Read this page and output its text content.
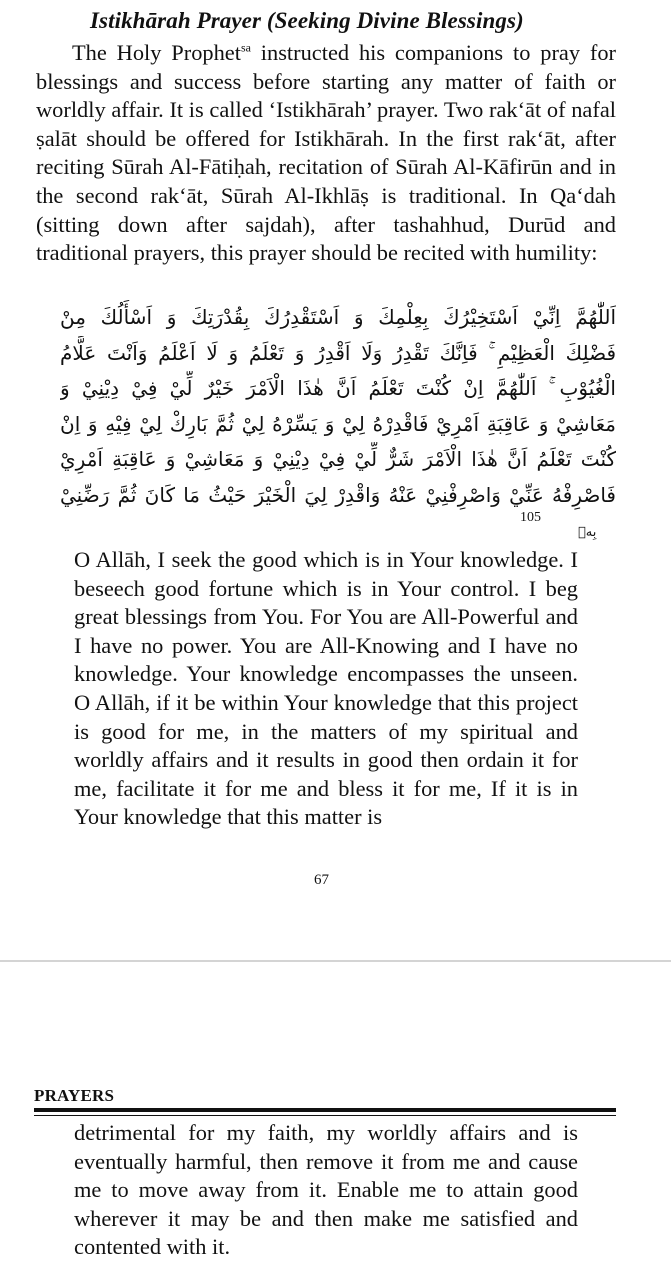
Istikhārah Prayer (Seeking Divine Blessings)

The Holy Prophet$^{sa}$ instructed his companions to pray for blessings and success before starting any matter of faith or worldly affair. It is called ‘Istikhārah’ prayer. Two rak‘āt of nafal ṣalāt should be offered for Istikhārah. In the first rak‘āt, after reciting Sūrah Al-Fātiḥah, recitation of Sūrah Al-Kāfirūn and in the second rak‘āt, Sūrah Al-Ikhlāṣ is traditional. In Qa‘dah (sitting down after sajdah), after tashahhud, Durūd and traditional prayers, this prayer should be recited with humility:

اَللّٰهُمَّ اِنِّيْ اَسْتَخِيْرُكَ بِعِلْمِكَ وَ اَسْتَقْدِرُكَ بِقُدْرَتِكَ وَ اَسْأَلُكَ مِنْ
فَضْلِكَ الْعَظِيْمِ ۚ فَاِنَّكَ تَقْدِرُ وَلَا اَقْدِرُ وَ تَعْلَمُ وَ لَا اَعْلَمُ وَاَنْتَ عَلَّامُ
الْغُيُوْبِ ۚ اَللّٰهُمَّ اِنْ كُنْتَ تَعْلَمُ اَنَّ هٰذَا الْاَمْرَ خَيْرٌ لِّيْ فِيْ دِيْنِيْ وَ
مَعَاشِيْ وَ عَاقِبَةِ اَمْرِيْ فَاقْدِرْهُ لِيْ وَ يَسِّرْهُ لِيْ ثُمَّ بَارِكْ لِيْ فِيْهِ وَ اِنْ
كُنْتَ تَعْلَمُ اَنَّ هٰذَا الْاَمْرَ شَرٌّ لِّيْ فِيْ دِيْنِيْ وَ مَعَاشِيْ وَ عَاقِبَةِ اَمْرِيْ
فَاصْرِفْهُ عَنِّيْ وَاصْرِفْنِيْ عَنْهُ وَاقْدِرْ لِيَ الْخَيْرَ حَيْثُ مَا كَانَ ثُمَّ رَضِّنِيْ
105
بِهٖ

O Allāh, I seek the good which is in Your knowledge. I beseech good fortune which is in Your control. I beg great blessings from You. For You are All-Powerful and I have no power. You are All-Knowing and I have no knowledge. Your knowledge encompasses the unseen. O Allāh, if it be within Your knowledge that this project is good for me, in the matters of my spiritual and worldly affairs and it results in good then ordain it for me, facilitate it for me and bless it for me, If it is in Your knowledge that this matter is

67
PRAYERS

detrimental for my faith, my worldly affairs and is eventually harmful, then remove it from me and cause me to move away from it. Enable me to attain good wherever it may be and then make me satisfied and contented with it.
